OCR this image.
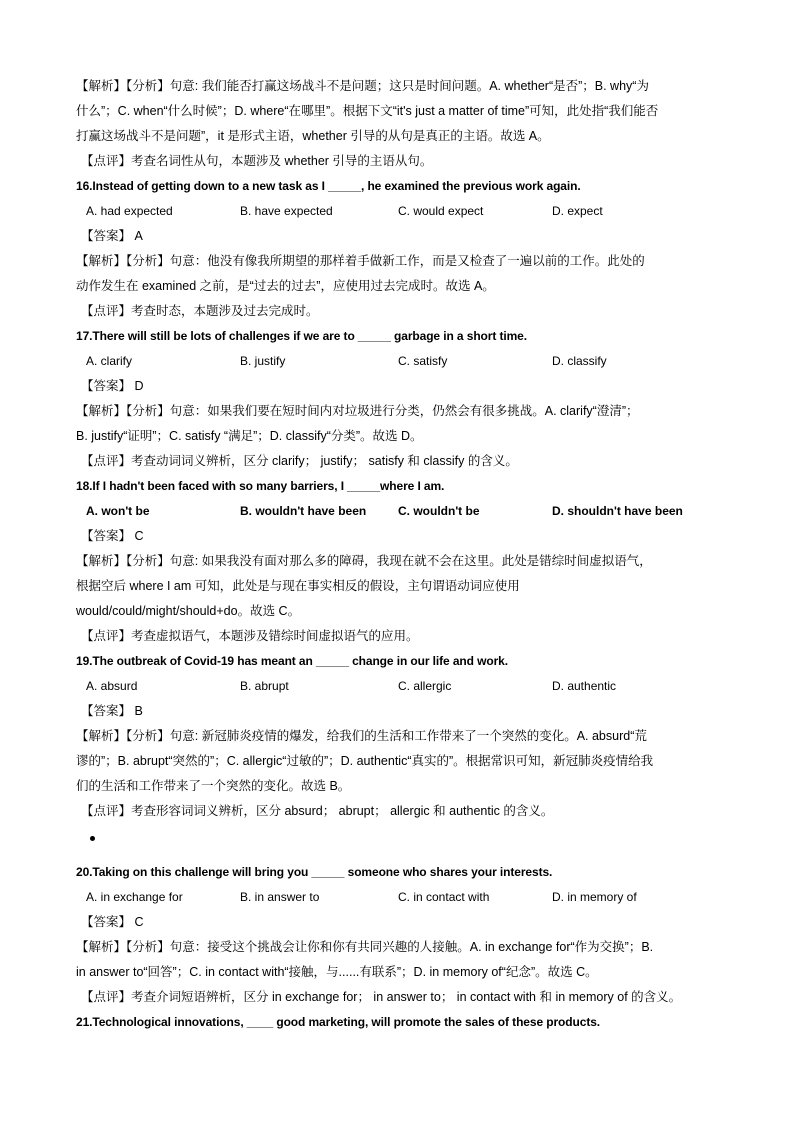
【解析】【分析】句意: 我们能否打赢这场战斗不是问题；这只是时间问题。A. whether“是否”；B. why“为
什么”；C. when“什么时候”；D. where“在哪里”。根据下文“it's just a matter of time”可知，此处指“我们能否
打赢这场战斗不是问题”，it 是形式主语，whether 引导的从句是真正的主语。故选 A。
【点评】考查名词性从句，本题涉及 whether 引导的主语从句。
16.Instead of getting down to a new task as I _____, he examined the previous work again.
A. had expected	B. have expected	C. would expect	D. expect
【答案】 A
【解析】【分析】句意：他没有像我所期望的那样着手做新工作，而是又检查了一遍以前的工作。此处的
动作发生在 examined 之前，是“过去的过去”，应使用过去完成时。故选 A。
【点评】考查时态，本题涉及过去完成时。
17.There will still be lots of challenges if we are to _____ garbage in a short time.
A. clarify	B. justify	C. satisfy	D. classify
【答案】 D
【解析】【分析】句意：如果我们要在短时间内对垃圾进行分类，仍然会有很多挑战。A. clarify“澄清”；
B. justify“证明”；C. satisfy “满足”；D. classify“分类”。故选 D。
【点评】考查动词词义辨析，区分 clarify； justify； satisfy 和 classify 的含义。
18.If I hadn't been faced with so many barriers, I _____where I am.
A. won't be	B. wouldn't have been	C. wouldn't be	D. shouldn't have been
【答案】 C
【解析】【分析】句意: 如果我没有面对那么多的障碍，我现在就不会在这里。此处是错综时间虚拟语气，
根据空后 where I am 可知，此处是与现在事实相反的假设，主句谓语动词应使用
would/could/might/should+do。故选 C。
【点评】考查虚拟语气，本题涉及错综时间虚拟语气的应用。
19.The outbreak of Covid-19 has meant an _____ change in our life and work.
A. absurd	B. abrupt	C. allergic	D. authentic
【答案】 B
【解析】【分析】句意: 新冠肺炎疫情的爆发，给我们的生活和工作带来了一个突然的变化。A. absurd“荒
谬的”；B. abrupt“突然的”；C. allergic“过敏的”；D. authentic“真实的”。根据常识可知，新冠肺炎疫情给我
们的生活和工作带来了一个突然的变化。故选 B。
【点评】考查形容词词义辨析，区分 absurd； abrupt； allergic 和 authentic 的含义。
20.Taking on this challenge will bring you _____ someone who shares your interests.
A. in exchange for	B. in answer to	C. in contact with	D. in memory of
【答案】 C
【解析】【分析】句意：接受这个挑战会让你和你有共同兴趣的人接触。A. in exchange for“作为交换”；B.
in answer to“回答”；C. in contact with“接触，与......有联系”；D. in memory of“纪念”。故选 C。
【点评】考查介词短语辨析，区分 in exchange for； in answer to； in contact with 和 in memory of 的含义。
21.Technological innovations, ____ good marketing, will promote the sales of these products.
